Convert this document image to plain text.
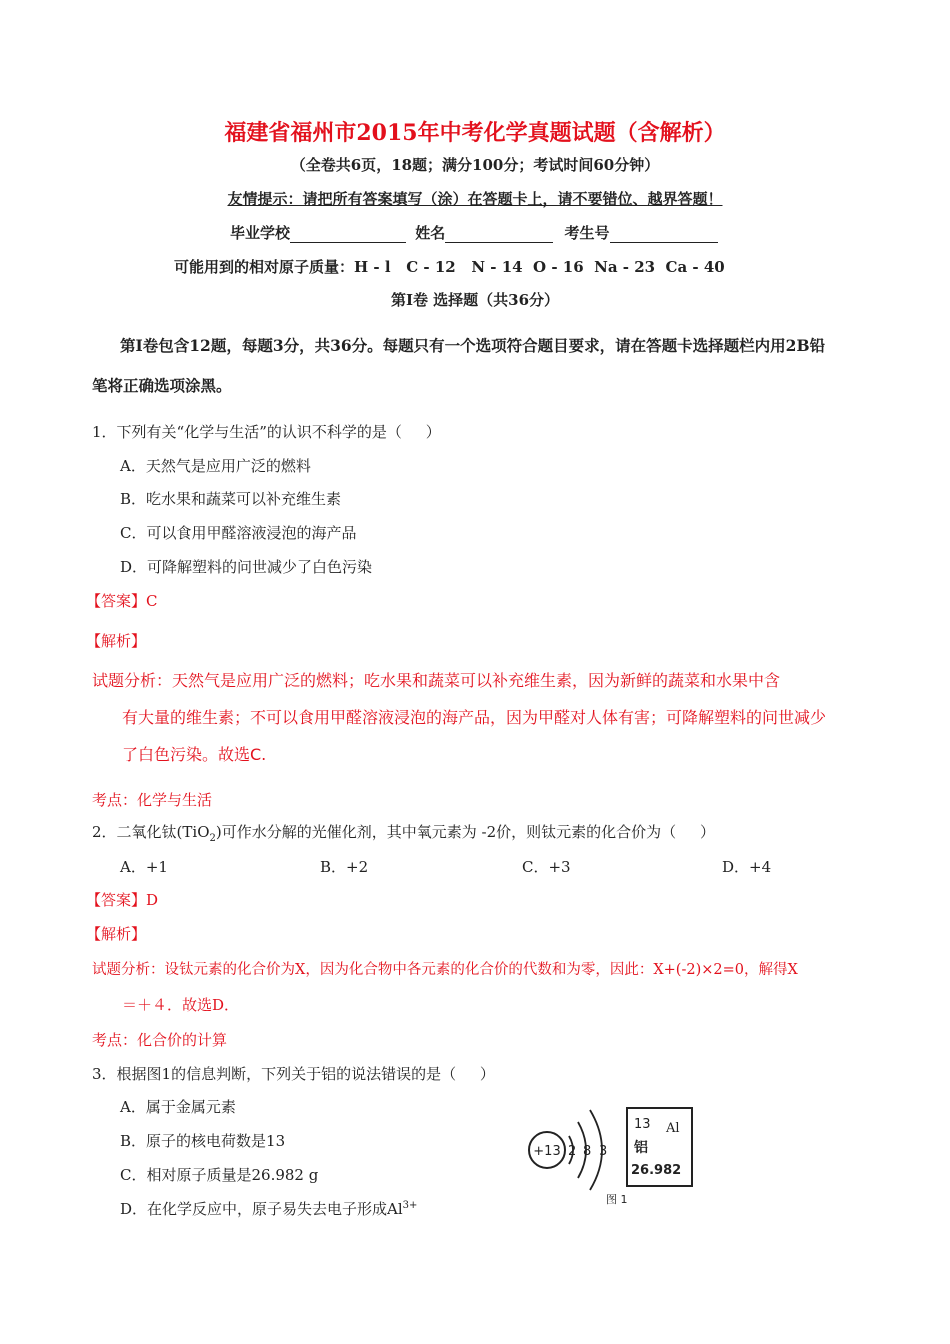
福建省福州市2015年中考化学真题试题（含解析）
（全卷共6页，18题；满分100分；考试时间60分钟）
友情提示：请把所有答案填写（涂）在答题卡上，请不要错位、越界答题！
毕业学校	姓名	考生号
可能用到的相对原子质量：H - l   C - 12   N - 14  O - 16  Na - 23  Ca - 40
第Ⅰ卷 选择题（共36分）
第Ⅰ卷包含12题，每题3分，共36分。每题只有一个选项符合题目要求，请在答题卡选择题栏内用2B铅
笔将正确选项涂黑。
1．下列有关“化学与生活”的认识不科学的是（     ）
A．天然气是应用广泛的燃料
B．吃水果和蔬菜可以补充维生素
C．可以食用甲醛溶液浸泡的海产品
D．可降解塑料的问世减少了白色污染
【答案】C
【解析】
试题分析：天然气是应用广泛的燃料；吃水果和蔬菜可以补充维生素，因为新鲜的蔬菜和水果中含
有大量的维生素；不可以食用甲醛溶液浸泡的海产品，因为甲醛对人体有害；可降解塑料的问世减少
了白色污染。故选C.
考点：化学与生活
2．二氧化钛(TiO$_2$)可作水分解的光催化剂，其中氧元素为 -2价，则钛元素的化合价为（     ）
A．+1	B．+2	C．+3	D．+4
【答案】D
【解析】
试题分析：设钛元素的化合价为X，因为化合物中各元素的化合价的代数和为零，因此：X+(-2)×2=0，解得X
＝＋４．故选D．
考点：化合价的计算
3．根据图1的信息判断，下列关于铝的说法错误的是（     ）
A．属于金属元素
B．原子的核电荷数是13
C．相对原子质量是26.982 g
D．在化学反应中，原子易失去电子形成$Al^{3+}$
+13 2 8 3
13 Al
铝
26.982
图 1
